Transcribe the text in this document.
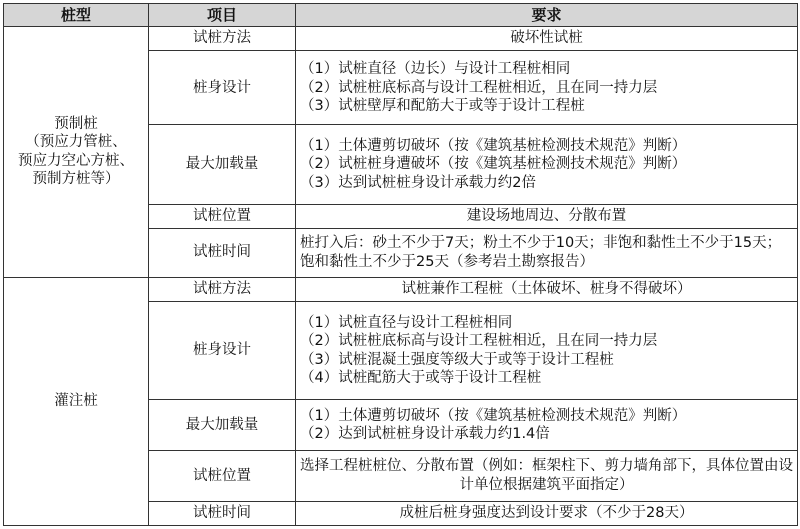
桩型	项目	要求

预制桩
（预应力管桩、
预应力空心方桩、
预制方桩等）	试桩方法	破坏性试桩
	桩身设计	（1）试桩直径（边长）与设计工程桩相同
（2）试桩桩底标高与设计工程桩相近，且在同一持力层
（3）试桩壁厚和配筋大于或等于设计工程桩

	最大加载量	（1）土体遭剪切破坏（按《建筑基桩检测技术规范》判断）
（2）试桩桩身遭破坏（按《建筑基桩检测技术规范》判断）
（3）达到试桩桩身设计承载力约2倍

	试桩位置	建设场地周边、分散布置
	试桩时间	桩打入后：砂土不少于7天；粉土不少于10天；非饱和黏性土不少于15天；饱和黏性土不少于25天（参考岩土勘察报告）

灌注桩	试桩方法	试桩兼作工程桩（土体破坏、桩身不得破坏）
	桩身设计	（1）试桩直径与设计工程桩相同
（2）试桩桩底标高与设计工程桩相近，且在同一持力层
（3）试桩混凝土强度等级大于或等于设计工程桩
（4）试桩配筋大于或等于设计工程桩

	最大加载量	（1）土体遭剪切破坏（按《建筑基桩检测技术规范》判断）
（2）达到试桩桩身设计承载力约1.4倍

	试桩位置	选择工程桩桩位、分散布置（例如：框架柱下、剪力墙角部下，具体位置由设计单位根据建筑平面指定）
	试桩时间	成桩后桩身强度达到设计要求（不少于28天）
